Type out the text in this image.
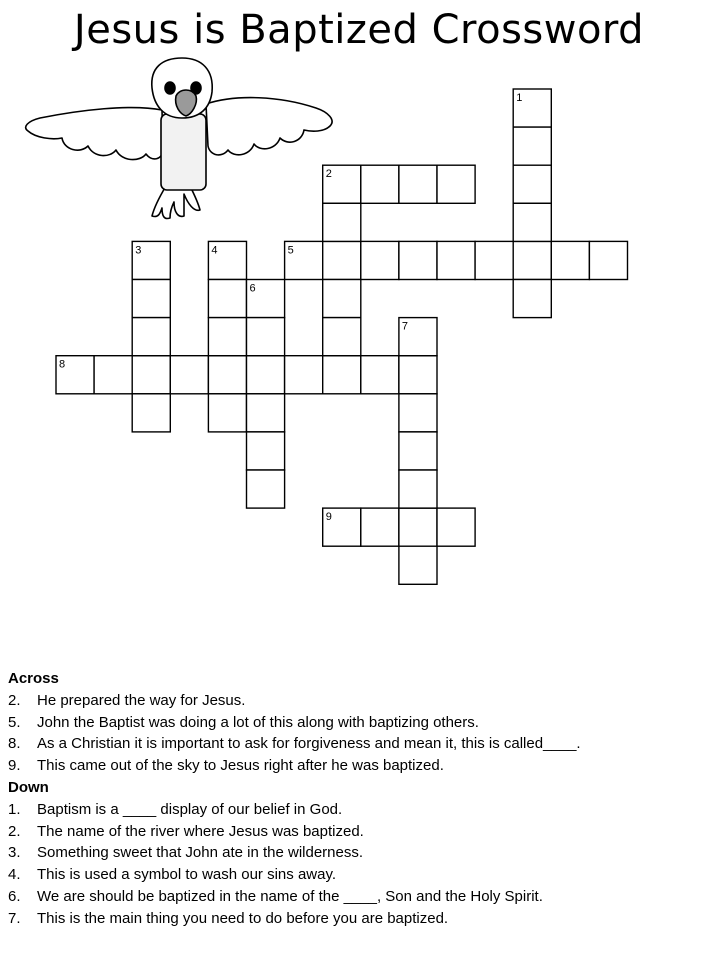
Jesus is Baptized Crossword
1
2
3	4	5
6
7
8
9
Across
2. He prepared the way for Jesus.
5. John the Baptist was doing a lot of this along with baptizing others.
8. As a Christian it is important to ask for forgiveness and mean it, this is called____.
9. This came out of the sky to Jesus right after he was baptized.
Down
1. Baptism is a ____ display of our belief in God.
2. The name of the river where Jesus was baptized.
3. Something sweet that John ate in the wilderness.
4. This is used a symbol to wash our sins away.
6. We are should be baptized in the name of the ____, Son and the Holy Spirit.
7. This is the main thing you need to do before you are baptized.
